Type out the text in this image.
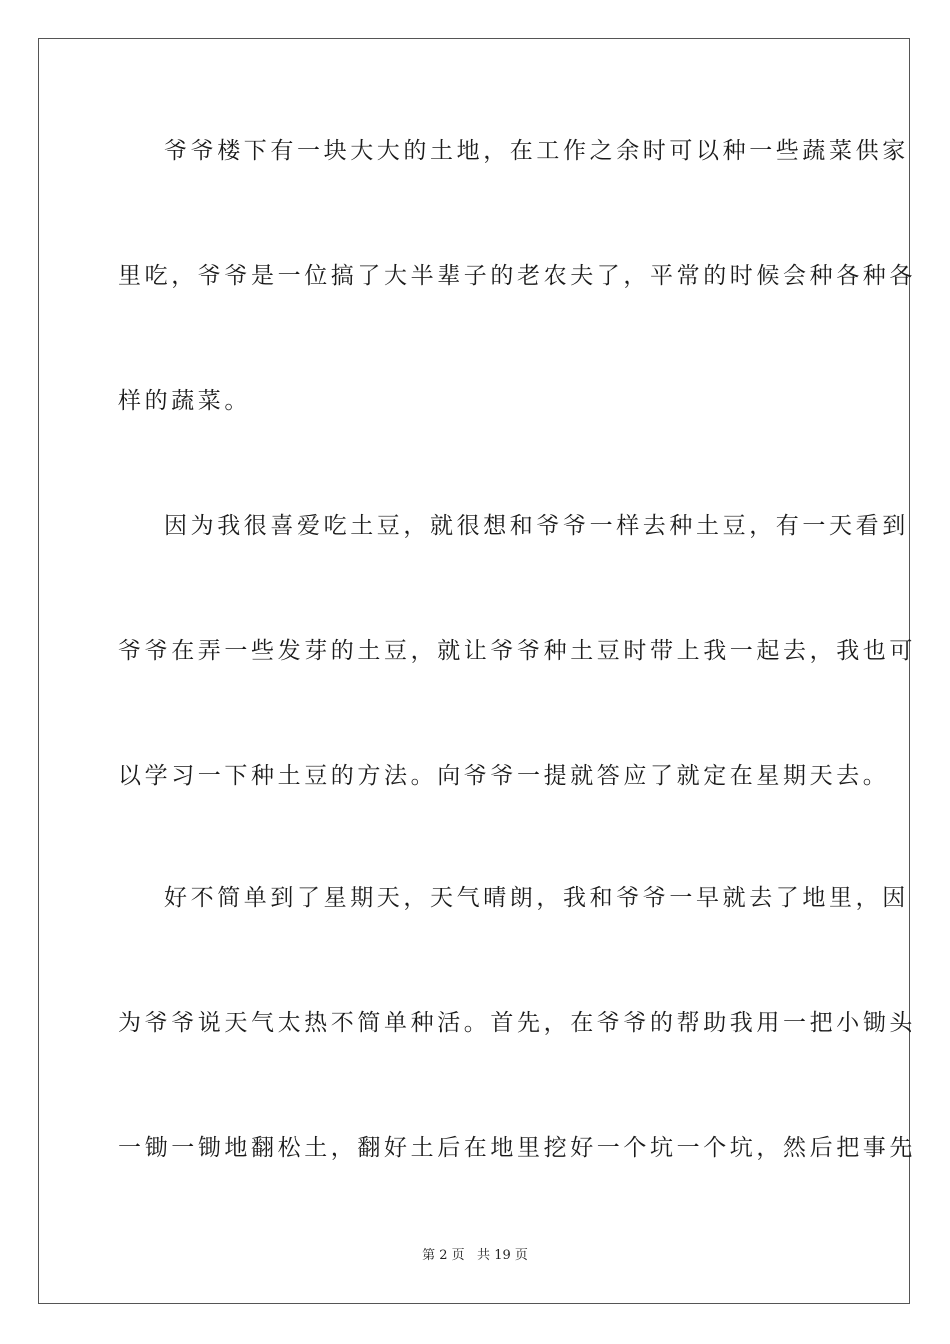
爷爷楼下有一块大大的土地，在工作之余时可以种一些蔬菜供家
里吃，爷爷是一位搞了大半辈子的老农夫了，平常的时候会种各种各
样的蔬菜。
因为我很喜爱吃土豆，就很想和爷爷一样去种土豆，有一天看到
爷爷在弄一些发芽的土豆，就让爷爷种土豆时带上我一起去，我也可
以学习一下种土豆的方法。向爷爷一提就答应了就定在星期天去。
好不简单到了星期天，天气晴朗，我和爷爷一早就去了地里，因
为爷爷说天气太热不简单种活。首先，在爷爷的帮助我用一把小锄头
一锄一锄地翻松土，翻好土后在地里挖好一个坑一个坑，然后把事先
第 2 页   共 19 页
